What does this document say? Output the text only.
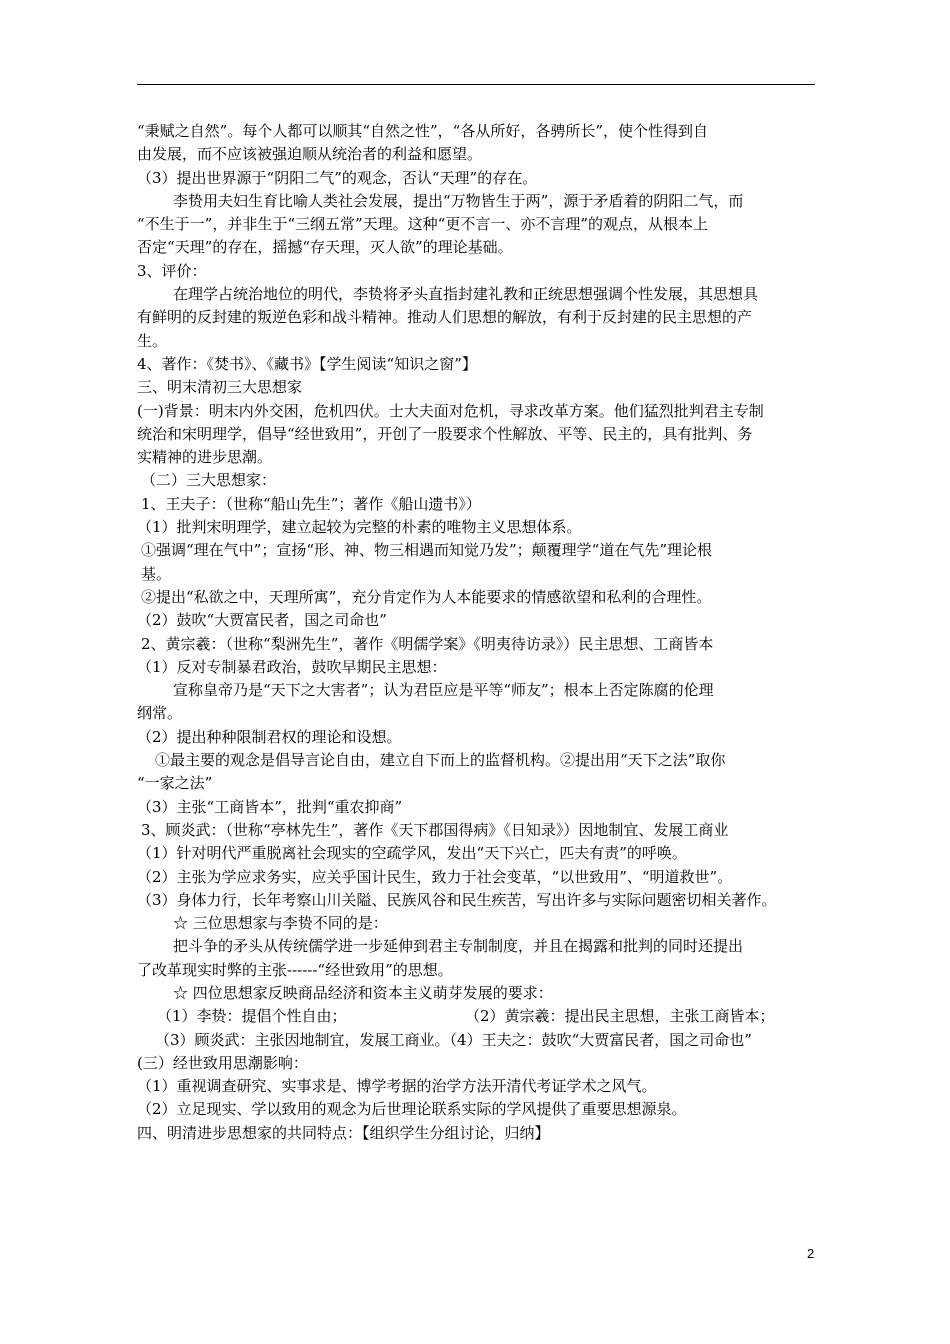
“秉赋之自然”。每个人都可以顺其“自然之性”，“各从所好，各骋所长”，使个性得到自
由发展，而不应该被强迫顺从统治者的利益和愿望。
（3）提出世界源于“阴阳二气”的观念，否认“天理”的存在。
李贽用夫妇生育比喻人类社会发展，提出“万物皆生于两”，源于矛盾着的阴阳二气，而
“不生于一”，并非生于“三纲五常”天理。这种“更不言一、亦不言理”的观点，从根本上
否定“天理”的存在，摇撼“存天理，灭人欲”的理论基础。
3、评价：
在理学占统治地位的明代，李贽将矛头直指封建礼教和正统思想强调个性发展，其思想具
有鲜明的反封建的叛逆色彩和战斗精神。推动人们思想的解放，有利于反封建的民主思想的产
生。
4、著作：《焚书》、《藏书》【学生阅读“知识之窗”】
三、明末清初三大思想家
(一)背景：明末内外交困，危机四伏。士大夫面对危机，寻求改革方案。他们猛烈批判君主专制
统治和宋明理学，倡导“经世致用”，开创了一股要求个性解放、平等、民主的，具有批判、务
实精神的进步思潮。
（二）三大思想家：
1、王夫子：（世称“船山先生”；著作《船山遗书》）
（1）批判宋明理学，建立起较为完整的朴素的唯物主义思想体系。
①强调“理在气中”；宣扬“形、神、物三相遇而知觉乃发”；颠覆理学“道在气先”理论根
基。
②提出“私欲之中，天理所寓”，充分肯定作为人本能要求的情感欲望和私利的合理性。
（2）鼓吹“大贾富民者，国之司命也”
2、黄宗羲：（世称“梨洲先生”，著作《明儒学案》《明夷待访录》）民主思想、工商皆本
（1）反对专制暴君政治，鼓吹早期民主思想：
宣称皇帝乃是“天下之大害者”；认为君臣应是平等“师友”；根本上否定陈腐的伦理
纲常。
（2）提出种种限制君权的理论和设想。
①最主要的观念是倡导言论自由，建立自下而上的监督机构。②提出用“天下之法”取你
“一家之法”
（3）主张“工商皆本”，批判“重农抑商”
3、顾炎武：（世称“亭林先生”，著作《天下郡国得病》《日知录》）因地制宜、发展工商业
（1）针对明代严重脱离社会现实的空疏学风，发出“天下兴亡，匹夫有责”的呼唤。
（2）主张为学应求务实，应关乎国计民生，致力于社会变革，“以世致用”、“明道救世”。
（3）身体力行，长年考察山川关隘、民族风谷和民生疾苦，写出许多与实际问题密切相关著作。
☆ 三位思想家与李贽不同的是：
把斗争的矛头从传统儒学进一步延伸到君主专制制度，并且在揭露和批判的同时还提出
了改革现实时弊的主张------“经世致用”的思想。
☆ 四位思想家反映商品经济和资本主义萌芽发展的要求：
（1）李贽：提倡个性自由；	（2）黄宗羲：提出民主思想，主张工商皆本；
（3）顾炎武：主张因地制宜，发展工商业。（4）王夫之：鼓吹“大贾富民者，国之司命也”
(三）经世致用思潮影响：
（1）重视调查研究、实事求是、博学考据的治学方法开清代考证学术之风气。
（2）立足现实、学以致用的观念为后世理论联系实际的学风提供了重要思想源泉。
四、明清进步思想家的共同特点：【组织学生分组讨论，归纳】
2
